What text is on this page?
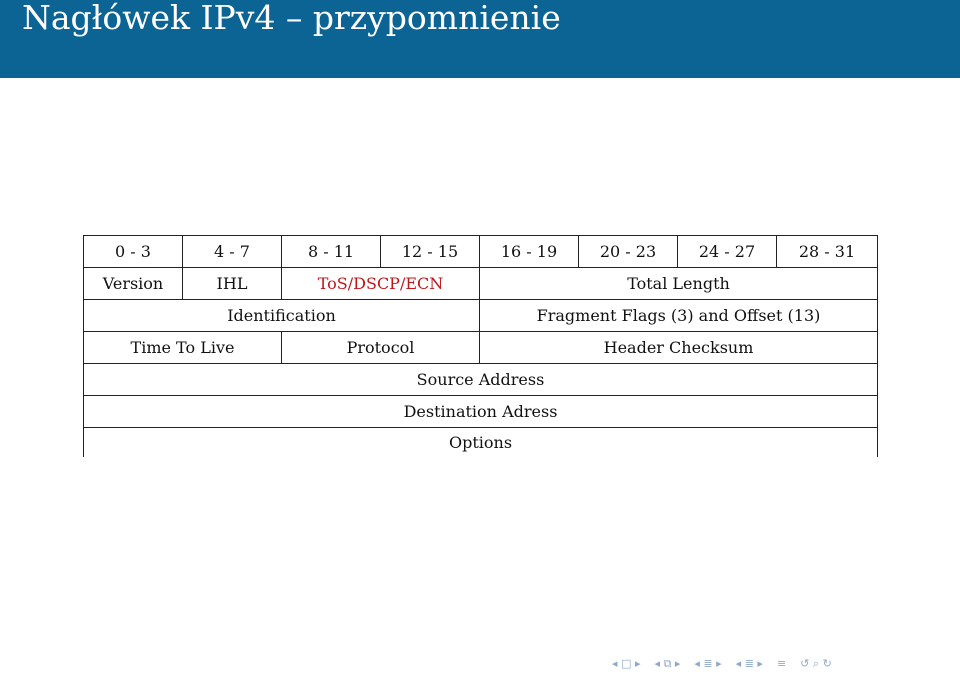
Nagłówek IPv4 – przypomnienie
0 - 3	4 - 7	8 - 11	12 - 15	16 - 19	20 - 23	24 - 27	28 - 31
Version	IHL	ToS/DSCP/ECN		Total Length			
Identification				Fragment Flags (3) and Offset (13)			
Time To Live		Protocol		Header Checksum			
Source Address							
Destination Adress							
Options							
◂ □ ▸ ◂ ⧉ ▸ ◂ ≣ ▸ ◂ ≣ ▸ ≡ ↺ ⌕ ↻
